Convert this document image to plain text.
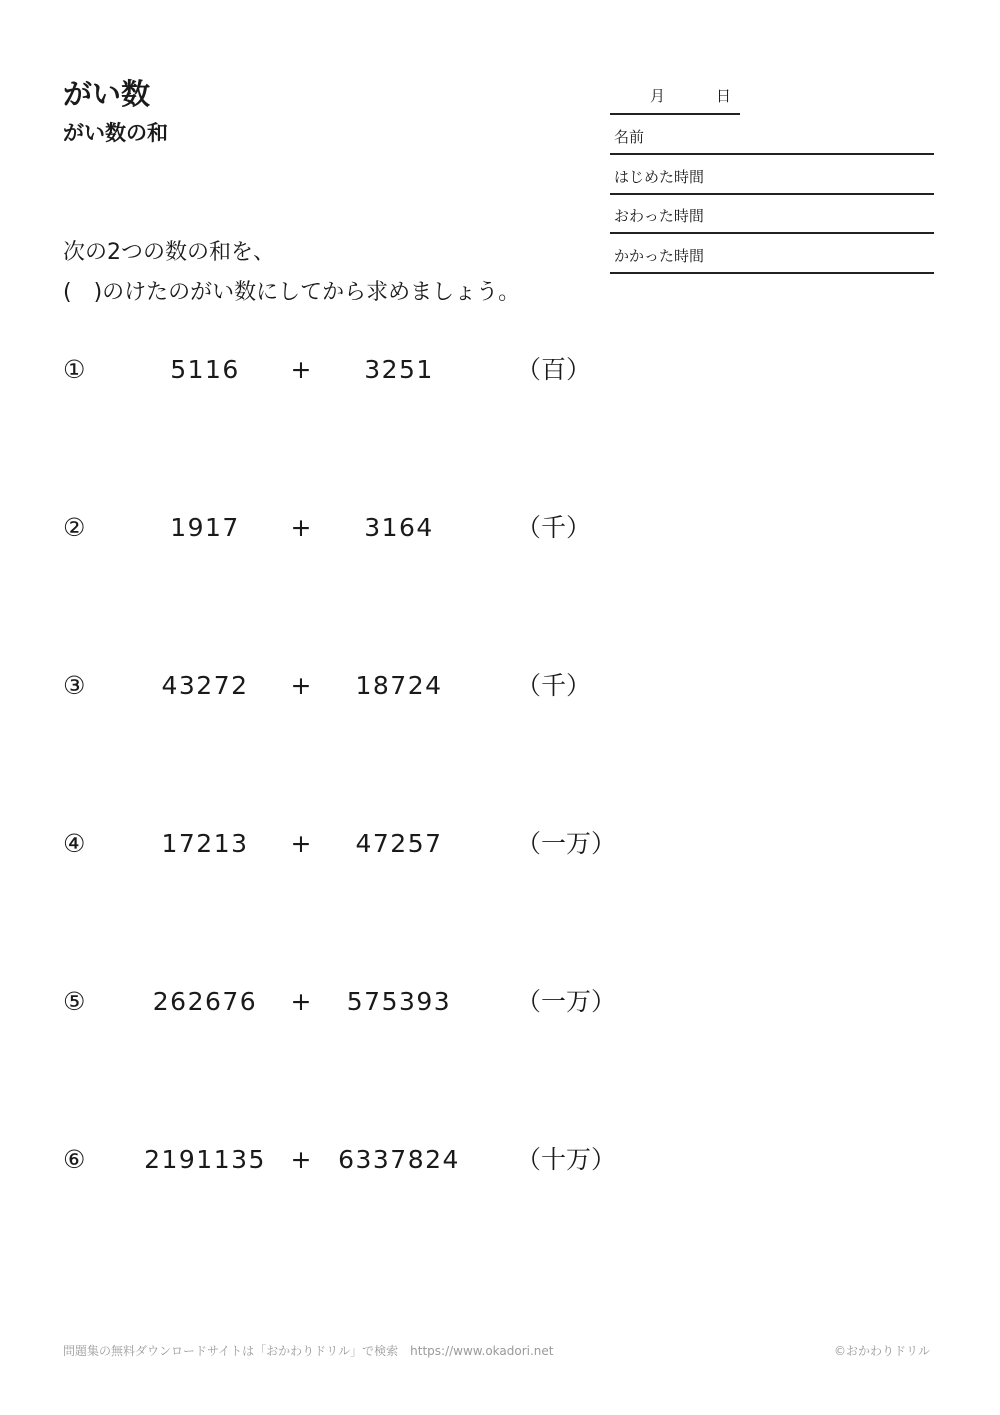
がい数
がい数の和
月	日
名前
はじめた時間
おわった時間
かかった時間
次の2つの数の和を、
(　)のけたのがい数にしてから求めましょう。
①	5116	+	3251	（百）
②	1917	+	3164	（千）
③	43272	+	18724	（千）
④	17213	+	47257	（一万）
⑤	262676	+	575393	（一万）
⑥	2191135 +	6337824	（十万）
問題集の無料ダウンロードサイトは「おかわりドリル」で検索　https://www.okadori.net	©おかわりドリル
